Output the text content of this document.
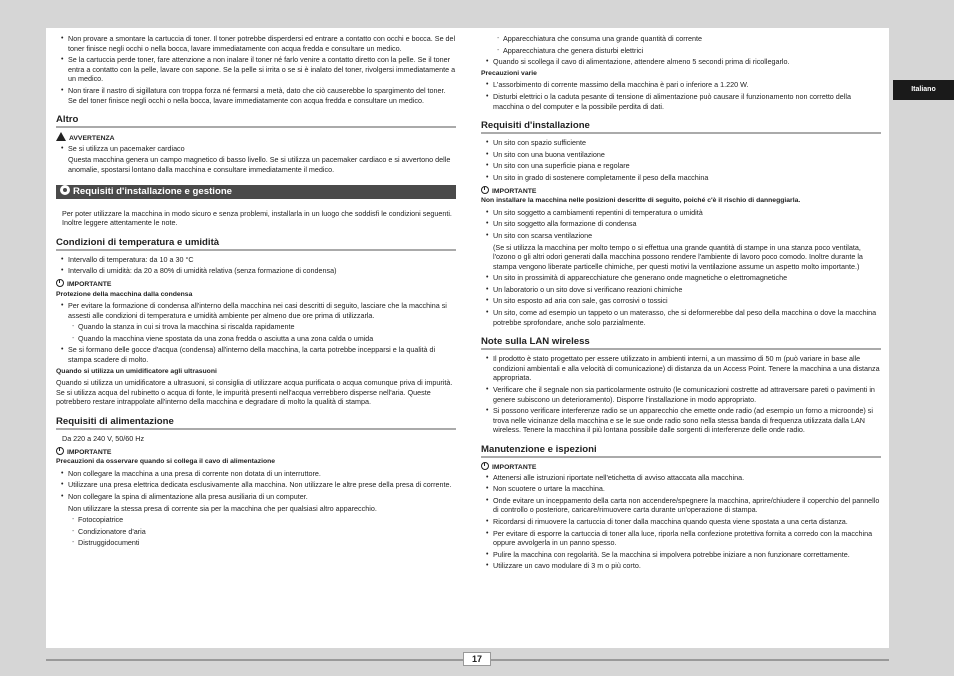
• Non provare a smontare la cartuccia di toner. Il toner potrebbe disperdersi ed entrare a contatto con occhi e bocca. Se del toner finisce negli occhi o nella bocca, lavare immediatamente con acqua fredda e consultare un medico.
• Se la cartuccia perde toner, fare attenzione a non inalare il toner né farlo venire a contatto diretto con la pelle. Se il toner entra a contatto con la pelle, lavare con sapone. Se la pelle si irrita o se si è inalato del toner, rivolgersi immediatamente a un medico.
• Non tirare il nastro di sigillatura con troppa forza né fermarsi a metà, dato che ciò causerebbe lo spargimento del toner. Se del toner finisce negli occhi o nella bocca, lavare immediatamente con acqua fredda e consultare un medico.
Altro
AVVERTENZA
• Se si utilizza un pacemaker cardiaco

Questa macchina genera un campo magnetico di basso livello. Se si utilizza un pacemaker cardiaco e si avvertono delle anomalie, spostarsi lontano dalla macchina e consultare immediatamente il medico.

Requisiti d'installazione e gestione

Per poter utilizzare la macchina in modo sicuro e senza problemi, installarla in un luogo che soddisfi le condizioni seguenti. Inoltre leggere attentamente le note.

Condizioni di temperatura e umidità
• Intervallo di temperatura: da 10 a 30 °C
• Intervallo di umidità: da 20 a 80% di umidità relativa (senza formazione di condensa)
IMPORTANTE

Protezione della macchina dalla condensa

• Per evitare la formazione di condensa all'interno della macchina nei casi descritti di seguito, lasciare che la macchina si assesti alle condizioni di temperatura e umidità ambiente per almeno due ore prima di utilizzarla.
- Quando la stanza in cui si trova la macchina si riscalda rapidamente
- Quando la macchina viene spostata da una zona fredda o asciutta a una zona calda o umida
• Se si formano delle gocce d'acqua (condensa) all'interno della macchina, la carta potrebbe incepparsi e la qualità di stampa scadere di molto.

Quando si utilizza un umidificatore agli ultrasuoni

Quando si utilizza un umidificatore a ultrasuoni, si consiglia di utilizzare acqua purificata o acqua comunque priva di impurità. Se si utilizza acqua del rubinetto o acqua di fonte, le impurità presenti nell'acqua verrebbero disperse nell'aria. Queste potrebbero restare intrappolate all'interno della macchina e degradare di molto la qualità di stampa.

Requisiti di alimentazione

Da 220 a 240 V, 50/60 Hz

IMPORTANTE

Precauzioni da osservare quando si collega il cavo di alimentazione

• Non collegare la macchina a una presa di corrente non dotata di un interruttore.
• Utilizzare una presa elettrica dedicata esclusivamente alla macchina. Non utilizzare le altre prese della presa di corrente.
• Non collegare la spina di alimentazione alla presa ausiliaria di un computer.

Non utilizzare la stessa presa di corrente sia per la macchina che per qualsiasi altro apparecchio.

- Fotocopiatrice
- Condizionatore d'aria
- Distruggidocumenti
- Apparecchiatura che consuma una grande quantità di corrente
- Apparecchiatura che genera disturbi elettrici
• Quando si scollega il cavo di alimentazione, attendere almeno 5 secondi prima di ricollegarlo.

Precauzioni varie

• L'assorbimento di corrente massimo della macchina è pari o inferiore a 1.220 W.
• Disturbi elettrici o la caduta pesante di tensione di alimentazione può causare il funzionamento non corretto della macchina o del computer e la possibile perdita di dati.
Requisiti d'installazione
• Un sito con spazio sufficiente
• Un sito con una buona ventilazione
• Un sito con una superficie piana e regolare
• Un sito in grado di sostenere completamente il peso della macchina
IMPORTANTE

Non installare la macchina nelle posizioni descritte di seguito, poiché c'è il rischio di danneggiarla.

• Un sito soggetto a cambiamenti repentini di temperatura o umidità
• Un sito soggetto alla formazione di condensa
• Un sito con scarsa ventilazione

(Se si utilizza la macchina per molto tempo o si effettua una grande quantità di stampe in una stanza poco ventilata, l'ozono o gli altri odori generati dalla macchina possono rendere l'ambiente di lavoro poco comodo. Inoltre durante la stampa vengono liberate particelle chimiche, per questi motivi la ventilazione assume un aspetto molto importante.)

• Un sito in prossimità di apparecchiature che generano onde magnetiche o elettromagnetiche
• Un laboratorio o un sito dove si verificano reazioni chimiche
• Un sito esposto ad aria con sale, gas corrosivi o tossici
• Un sito, come ad esempio un tappeto o un materasso, che si deformerebbe dal peso della macchina o dove la macchina potrebbe sprofondare, anche solo parzialmente.
Note sulla LAN wireless
• Il prodotto è stato progettato per essere utilizzato in ambienti interni, a un massimo di 50 m (può variare in base alle condizioni ambientali e alla velocità di comunicazione) di distanza da un Access Point. Tenere la macchina a una distanza appropriata.
• Verificare che il segnale non sia particolarmente ostruito (le comunicazioni costrette ad attraversare pareti o pavimenti in genere subiscono un deterioramento). Disporre l'installazione in modo appropriato.
• Si possono verificare interferenze radio se un apparecchio che emette onde radio (ad esempio un forno a microonde) si trova nelle vicinanze della macchina e se le sue onde radio sono nella stessa banda di frequenza utilizzata dalla LAN wireless. Tenere la macchina il più lontana possibile dalle sorgenti di interferenze delle onde radio.
Manutenzione e ispezioni
IMPORTANTE
• Attenersi alle istruzioni riportate nell'etichetta di avviso attaccata alla macchina.
• Non scuotere o urtare la macchina.
• Onde evitare un inceppamento della carta non accendere/spegnere la macchina, aprire/chiudere il coperchio del pannello di controllo o posteriore, caricare/rimuovere carta durante un'operazione di stampa.
• Ricordarsi di rimuovere la cartuccia di toner dalla macchina quando questa viene spostata a una certa distanza.
• Per evitare di esporre la cartuccia di toner alla luce, riporla nella confezione protettiva fornita a corredo con la macchina oppure avvolgerla in un panno spesso.
• Pulire la macchina con regolarità. Se la macchina si impolvera potrebbe iniziare a non funzionare correttamente.
• Utilizzare un cavo modulare di 3 m o più corto.
Italiano
17
